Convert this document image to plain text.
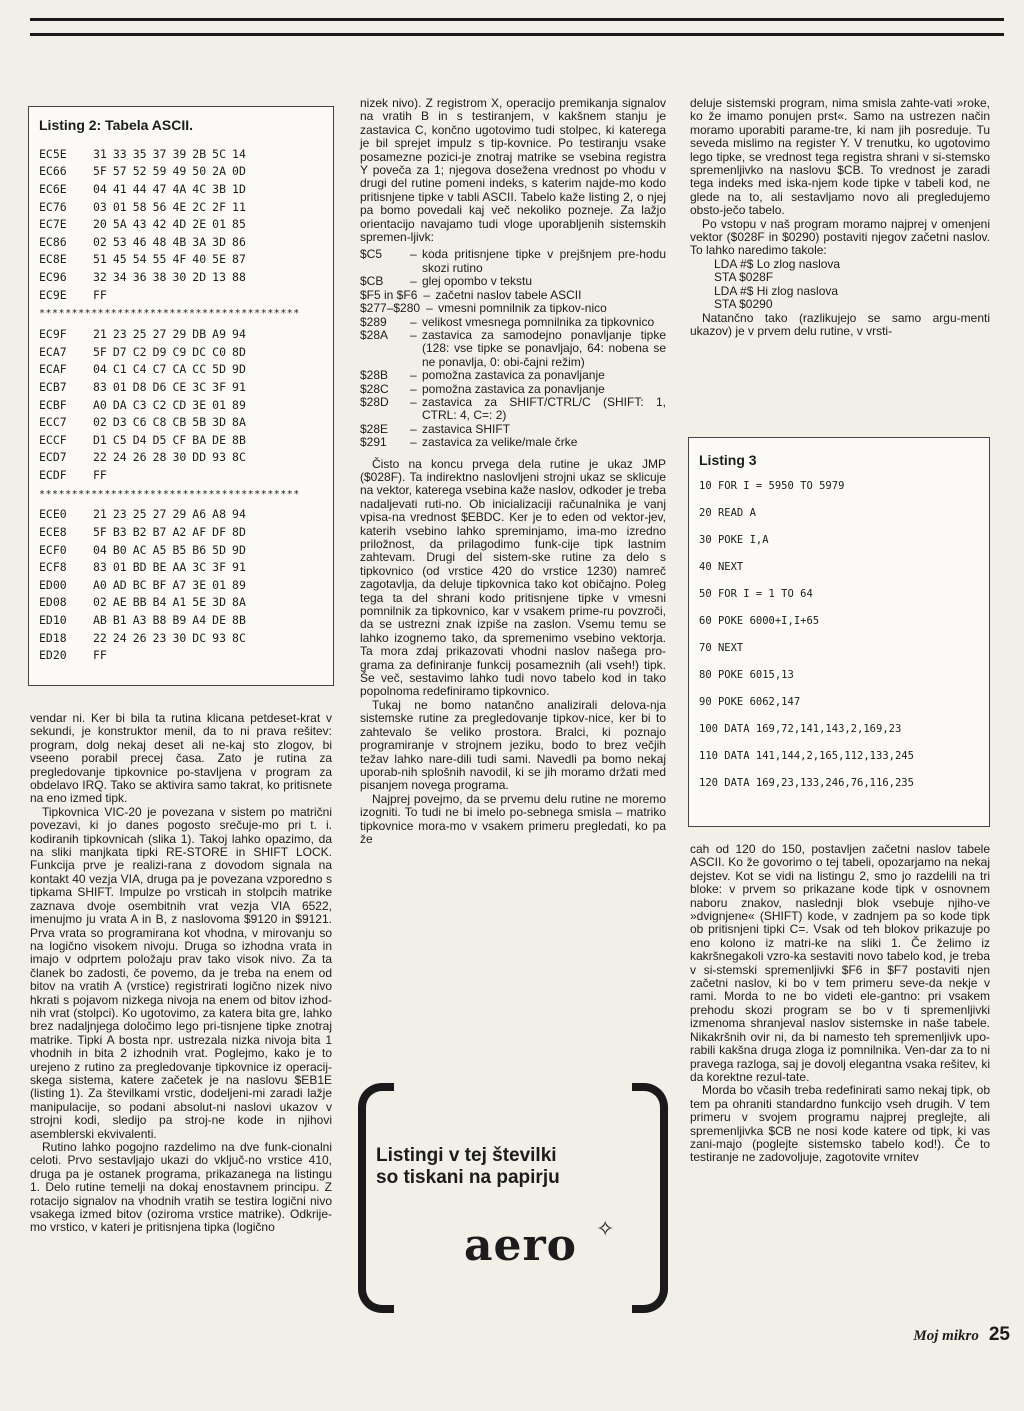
Listing 2: Tabela ASCII.
EC5E	31	33	35	37	39	2B	5C	14
EC66	5F	57	52	59	49	50	2A	0D
EC6E	04	41	44	47	4A	4C	3B	1D
EC76	03	01	58	56	4E	2C	2F	11
EC7E	20	5A	43	42	4D	2E	01	85
EC86	02	53	46	48	4B	3A	3D	86
EC8E	51	45	54	55	4F	40	5E	87
EC96	32	34	36	38	30	2D	13	88
EC9E	FF							
****************************************
EC9F	21	23	25	27	29	DB	A9	94
ECA7	5F	D7	C2	D9	C9	DC	C0	8D
ECAF	04	C1	C4	C7	CA	CC	5D	9D
ECB7	83	01	D8	D6	CE	3C	3F	91
ECBF	A0	DA	C3	C2	CD	3E	01	89
ECC7	02	D3	C6	C8	CB	5B	3D	8A
ECCF	D1	C5	D4	D5	CF	BA	DE	8B
ECD7	22	24	26	28	30	DD	93	8C
ECDF	FF							
****************************************
ECE0	21	23	25	27	29	A6	A8	94
ECE8	5F	B3	B2	B7	A2	AF	DF	8D
ECF0	04	B0	AC	A5	B5	B6	5D	9D
ECF8	83	01	BD	BE	AA	3C	3F	91
ED00	A0	AD	BC	BF	A7	3E	01	89
ED08	02	AE	BB	B4	A1	5E	3D	8A
ED10	AB	B1	A3	B8	B9	A4	DE	8B
ED18	22	24	26	23	30	DC	93	8C
ED20	FF							

vendar ni. Ker bi bila ta rutina klicana petdeset-krat v sekundi, je konstruktor menil, da to ni prava rešitev: program, dolg nekaj deset ali ne-kaj sto zlogov, bi vseeno porabil precej časa. Zato je rutina za pregledovanje tipkovnice po-stavljena v program za obdelavo IRQ. Tako se aktivira samo takrat, ko pritisnete na eno izmed tipk.

Tipkovnica VIC-20 je povezana v sistem po matrični povezavi, ki jo danes pogosto srečuje-mo pri t. i. kodiranih tipkovnicah (slika 1). Takoj lahko opazimo, da na sliki manjkata tipki RE-STORE in SHIFT LOCK. Funkcija prve je realizi-rana z dovodom signala na kontakt 40 vezja VIA, druga pa je povezana vzporedno s tipkama SHIFT. Impulze po vrsticah in stolpcih matrike zaznava dvoje osembitnih vrat vezja VIA 6522, imenujmo ju vrata A in B, z naslovoma $9120 in $9121. Prva vrata so programirana kot vhodna, v mirovanju so na logično visokem nivoju. Druga so izhodna vrata in imajo v odprtem položaju prav tako visok nivo. Za ta članek bo zadosti, če povemo, da je treba na enem od bitov na vratih A (vrstice) registrirati logično nizek nivo hkrati s pojavom nizkega nivoja na enem od bitov izhod-nih vrat (stolpci). Ko ugotovimo, za katera bita gre, lahko brez nadaljnjega določimo lego pri-tisnjene tipke znotraj matrike. Tipki A bosta npr. ustrezala nizka nivoja bita 1 vhodnih in bita 2 izhodnih vrat. Poglejmo, kako je to urejeno z rutino za pregledovanje tipkovnice iz operacij-skega sistema, katere začetek je na naslovu $EB1E (listing 1). Za številkami vrstic, dodeljeni-mi zaradi lažje manipulacije, so podani absolut-ni naslovi ukazov v strojni kodi, sledijo pa stroj-ne kode in njihovi asemblerski ekvivalenti.

Rutino lahko pogojno razdelimo na dve funk-cionalni celoti. Prvo sestavljajo ukazi do vključ-no vrstice 410, druga pa je ostanek programa, prikazanega na listingu 1. Delo rutine temelji na dokaj enostavnem principu. Z rotacijo signalov na vhodnih vratih se testira logični nivo vsakega izmed bitov (oziroma vrstice matrike). Odkrije-mo vrstico, v kateri je pritisnjena tipka (logično

nizek nivo). Z registrom X, operacijo premikanja signalov na vratih B in s testiranjem, v kakšnem stanju je zastavica C, končno ugotovimo tudi stolpec, ki katerega je bil sprejet impulz s tip-kovnice. Po testiranju vsake posamezne pozici-je znotraj matrike se vsebina registra Y poveča za 1; njegova doseženа vrednost po vhodu v drugi del rutine pomeni indeks, s katerim najde-mo kodo pritisnjene tipke v tabli ASCII. Tabelo kaže listing 2, o njej pa bomo povedali kaj več nekoliko pozneje. Za lažjo orientacijo navajamo tudi vloge uporabljenih sistemskih spremen-ljivk:

$C5	– koda pritisnjene tipke v prejšnjem pre-hodu skozi rutino
$CB	– glej opombo v tekstu
$F5 in $F6 – začetni naslov tabele ASCII
$277–$280 – vmesni pomnilnik za tipkov-nico
$289	– velikost vmesnega pomnilnika za tipkovnico
$28A	– zastavica za samodejno ponavljanje tipke (128: vse tipke se ponavljajo, 64: nobena se ne ponavlja, 0: obi-čajni režim)
$28B	– pomožna zastavica za ponavljanje
$28C	– pomožna zastavica za ponavljanje
$28D	– zastavica za SHIFT/CTRL/C (SHIFT: 1, CTRL: 4, C=: 2)
$28E	– zastavica SHIFT
$291	– zastavica za velike/male črke

Čisto na koncu prvega dela rutine je ukaz JMP ($028F). Ta indirektno naslovljeni strojni ukaz se sklicuje na vektor, katerega vsebina kaže naslov, odkoder je treba nadaljevati ruti-no. Ob inicializaciji računalnika je vanj vpisa-na vrednost $EBDC. Ker je to eden od vektor-jev, katerih vsebino lahko spreminjamo, ima-mo izredno priložnost, da prilagodimo funk-cije tipk lastnim zahtevam. Drugi del sistem-ske rutine za delo s tipkovnico (od vrstice 420 do vrstice 1230) namreč zagotavlja, da deluje tipkovnica tako kot običajno. Poleg tega ta del shrani kodo pritisnjene tipke v vmesni pomnilnik za tipkovnico, kar v vsakem prime-ru povzroči, da se ustrezni znak izpiše na zaslon. Vsemu temu se lahko izognemo tako, da spremenimo vsebino vektorja. Ta mora zdaj prikazovati vhodni naslov našega pro-grama za definiranje funkcij posameznih (ali vseh!) tipk. Še več, sestavimo lahko tudi novo tabelo kod in tako popolnoma redefiniramo tipkovnico.

Tukaj ne bomo natančno analizirali delova-nja sistemske rutine za pregledovanje tipkov-nice, ker bi to zahtevalo še veliko prostora. Bralci, ki poznajo programiranje v strojnem jeziku, bodo to brez večjih težav lahko nare-dili tudi sami. Navedli pa bomo nekaj uporab-nih splošnih navodil, ki se jih moramo držati med pisanjem novega programa.

Najprej povejmo, da se prvemu delu rutine ne moremo izogniti. To tudi ne bi imelo po-sebnega smisla – matriko tipkovnice mora-mo v vsakem primeru pregledati, ko pa že

Listingi v tej številki
so tiskani na papirju
aero ✧

deluje sistemski program, nima smisla zahte-vati »roke, ko že imamo ponujen prst«. Samo na ustrezen način moramo uporabiti parame-tre, ki nam jih posreduje. Tu seveda mislimo na register Y. V trenutku, ko ugotovimo lego tipke, se vrednost tega registra shrani v si-stemsko spremenljivko na naslovu $CB. To vrednost je zaradi tega indeks med iska-njem kode tipke v tabeli kod, ne glede na to, ali sestavljamo novo ali pregledujemo obsto-ječo tabelo.

Po vstopu v naš program moramo najprej v omenjeni vektor ($028F in $0290) postaviti njegov začetni naslov. To lahko naredimo takole:

LDA #$ Lo zlog naslova
STA $028F
LDA #$ Hi zlog naslova
STA $0290

Natančno tako (razlikujejo se samo argu-menti ukazov) je v prvem delu rutine, v vrsti-

Listing 3
10 FOR I = 5950 TO 5979
20 READ A
30 POKE I,A
40 NEXT
50 FOR I = 1 TO 64
60 POKE 6000+I,I+65
70 NEXT
80 POKE 6015,13
90 POKE 6062,147
100 DATA 169,72,141,143,2,169,23
110 DATA 141,144,2,165,112,133,245
120 DATA 169,23,133,246,76,116,235

cah od 120 do 150, postavljen začetni naslov tabele ASCII. Ko že govorimo o tej tabeli, opozarjamo na nekaj dejstev. Kot se vidi na listingu 2, smo jo razdelili na tri bloke: v prvem so prikazane kode tipk v osnovnem naboru znakov, naslednji blok vsebuje njiho-ve »dvignjene« (SHIFT) kode, v zadnjem pa so kode tipk ob pritisnjeni tipki C=. Vsak od teh blokov prikazuje po eno kolono iz matri-ke na sliki 1. Če želimo iz kakršnegakoli vzro-ka sestaviti novo tabelo kod, je treba v si-stemski spremenljivki $F6 in $F7 postaviti njen začetni naslov, ki bo v tem primeru seve-da nekje v rami. Morda to ne bo videti ele-gantno: pri vsakem prehodu skozi program se bo v ti spremenljivki izmenoma shranjeval naslov sistemske in naše tabele. Nikakršnih ovir ni, da bi namesto teh spremenljivk upo-rabili kakšna druga zloga iz pomnilnika. Ven-dar za to ni pravega razloga, saj je dovolj elegantna vsaka rešitev, ki da korektne rezul-tate.

Morda bo včasih treba redefinirati samo nekaj tipk, ob tem pa ohraniti standardno funkcijo vseh drugih. V tem primeru v svojem programu najprej preglejte, ali spremenljivka $CB ne nosi kode katere od tipk, ki vas zani-majo (poglejte sistemsko tabelo kod!). Če to testiranje ne zadovoljuje, zagotovite vrnitev

Moj mikro 25
